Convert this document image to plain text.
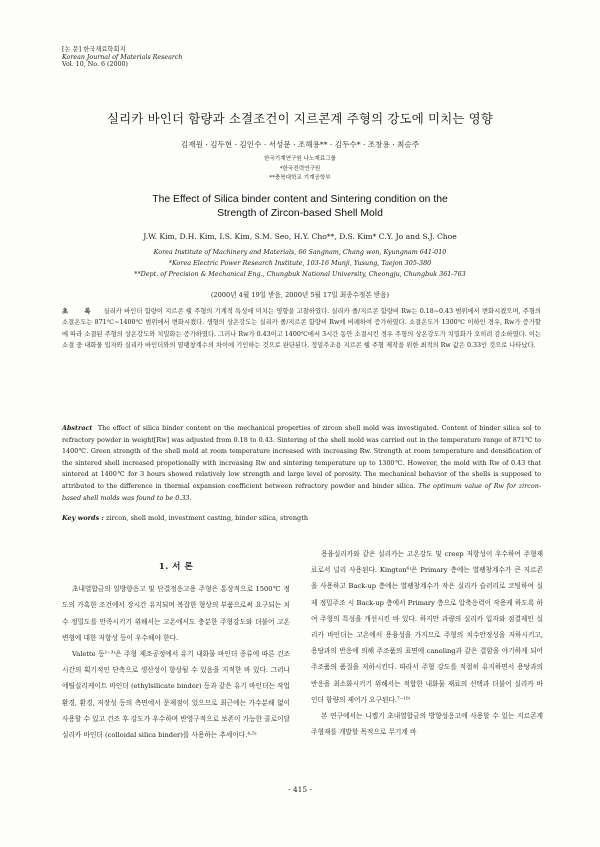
[논 문] 한국재료학회지
Korean Journal of Materials Research
Vol. 10, No. 6 (2000)
실리카 바인더 함량과 소결조건이 지르콘계 주형의 강도에 미치는 영향
김재원 · 김두현 · 김인수 · 서성문 · 조해용** · 김두수* · 조창용 · 최승주
한국기계연구원 나노재료그룹
*한국전력연구원
**충북대학교 기계공학부
The Effect of Silica binder content and Sintering condition on the
Strength of Zircon-based Shell Mold
J.W. Kim, D.H. Kim, I.S. Kim, S.M. Seo, H.Y. Cho**, D.S. Kim* C.Y. Jo and S.J. Choe
Korea Institute of Machinery and Materials, 66 Sangnam, Chang won, Kyungnam 641-010
*Korea Electric Power Research Institute, 103-16 Munji, Yusung, Taejon 305-380
**Dept. of Precision & Mechanical Eng., Chungbuk National University, Cheongju, Chungbuk 361-763
(2000년 4월 19일 받음, 2000년 5월 17일 최종수정본 받음)
초 록 실리카 바인더 함량이 지르콘 쉘 주형의 기계적 특성에 미치는 영향을 고찰하였다. 실리카 졸/지르콘 함량비 Rw는 0.18~0.43 범위에서 변화시켰으며, 주형의 소결온도는 871℃~1400℃ 범위에서 변화시켰다. 생형의 상온강도는 실리카 졸/지르콘 함량비 Rw에 비례하여 증가하였다. 소결온도가 1300℃ 이하인 경우, Rw가 증가할에 따라 소결된 주형의 상온강도와 치밀화는 증가하였다. 그러나 Rw가 0.43이고 1400℃에서 3시간 동안 소결시킨 경우 주형의 상온강도가 치밀화가 오히려 감소하였다. 이는 소결 중 내화물 입자와 실리카 바인더와의 열팽창계수의 차이에 기인하는 것으로 판단된다. 정밀주조용 지르콘 쉘 주형 제작을 위한 최적의 Rw 값은 0.33인 것으로 나타났다.
Abstract The effect of silica binder content on the mechanical properties of zircon shell mold was investigated. Content of binder silica sol to refractory powder in weight[Rw] was adjusted from 0.18 to 0.43. Sintering of the shell mold was carried out in the temperature range of 871℃ to 1400℃. Green strength of the shell mold at room temperature increased with increasing Rw. Strength at room temperature and densification of the sintered shell increased propotionally with increasing Rw and sintering temperature up to 1300℃. However, the mold with Rw of 0.43 that sintered at 1400℃ for 3 hours showed relatively low strength and large level of porosity. The mechanical behavior of the shells is supposed to attributed to the difference in thermal expansion coefficient between refractory powder and binder silica. The optimum value of Rw for zircon-based shell molds was found to be 0.33.
Key words : zircon, shell mold, investment casting, binder silica, strength
1. 서 론

초내열합금의 일방향응고 및 단결정응고용 주형은 통상적으로 1500℃ 정도의 가혹한 조건에서 장시간 유지되며 복잡한 형상의 부품으로써 요구되는 치수 정밀도를 만족시키기 위해서는 고온에서도 충분한 주형강도와 더불어 고온변형에 대한 저항성 등이 우수해야 한다.

Valette 등¹⁻³⁾은 주형 제조공정에서 유기 내화물 바인더 종류에 따른 건조시간의 획기적인 단축으로 생산성이 향상될 수 있음을 지적한 바 있다. 그러나 에틸실리케이트 바인더 (ethylsilicate binder) 등과 같은 유기 바인더는 작업 환경, 환경, 저장성 등의 측면에서 문제점이 있으므로 최근에는 가수분해 없이 사용할 수 있고 건조 후 강도가 우수하며 반영구적으로 보존이 가능한 콜로이달 실리카 바인더 (colloidal silica binder)를 사용하는 추세이다.⁴·⁵⁾

용융실리카와 같은 실리카는 고온강도 및 creep 저항성이 우수하여 주형재료로서 널리 사용된다. Kington⁶⁾은 Primary 층에는 열팽창계수가 큰 지르콘을 사용하고 Back-up 층에는 열팽창계수가 작은 실리카 슬러리로 코팅하여 실제 정밀주조 시 Back-up 층에서 Primary 층으로 압축응력이 작용케 하도록 하여 주형의 특성을 개선시킨 바 있다. 하지만 과량의 실리카 입자와 점결제인 실리카 바인더는 고온에서 용융성을 가지므로 주형의 치수안정성을 저하시키고, 용탕과의 반응에 의해 주조품의 표면에 caneling과 같은 결함을 야기하게 되어 주조품의 품질을 저하시킨다. 따라서 주형 강도를 적절히 유지하면서 용탕과의 반응을 최소화시키기 위해서는 적합한 내화물 재료의 선택과 더불어 실리카 바인더 함량의 제어가 요구된다.⁷⁻¹⁰⁾

본 연구에서는 니켈기 초내열합금의 방향성응고에 사용할 수 있는 지르콘계 주형재를 개발할 목적으로 무기계 바

- 415 -
